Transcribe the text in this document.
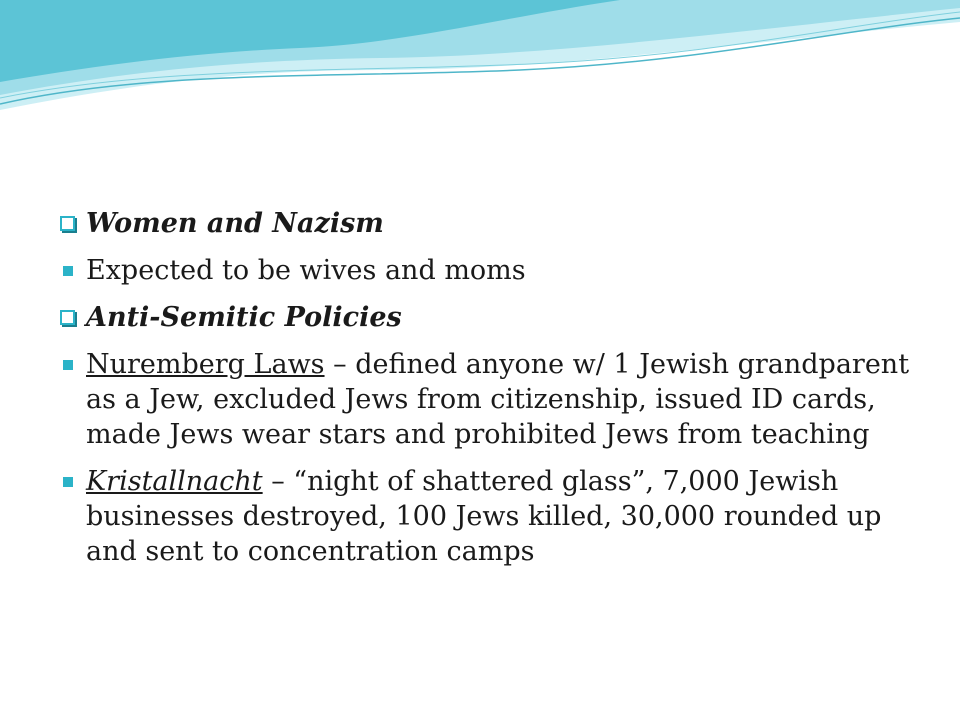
Women and Nazism
Expected to be wives and moms
Anti-Semitic Policies
Nuremberg Laws – defined anyone w/ 1 Jewish grandparent as a Jew, excluded Jews from citizenship, issued ID cards, made Jews wear stars and prohibited Jews from teaching
Kristallnacht – “night of shattered glass”, 7,000 Jewish businesses destroyed, 100 Jews killed, 30,000 rounded up and sent to concentration camps
